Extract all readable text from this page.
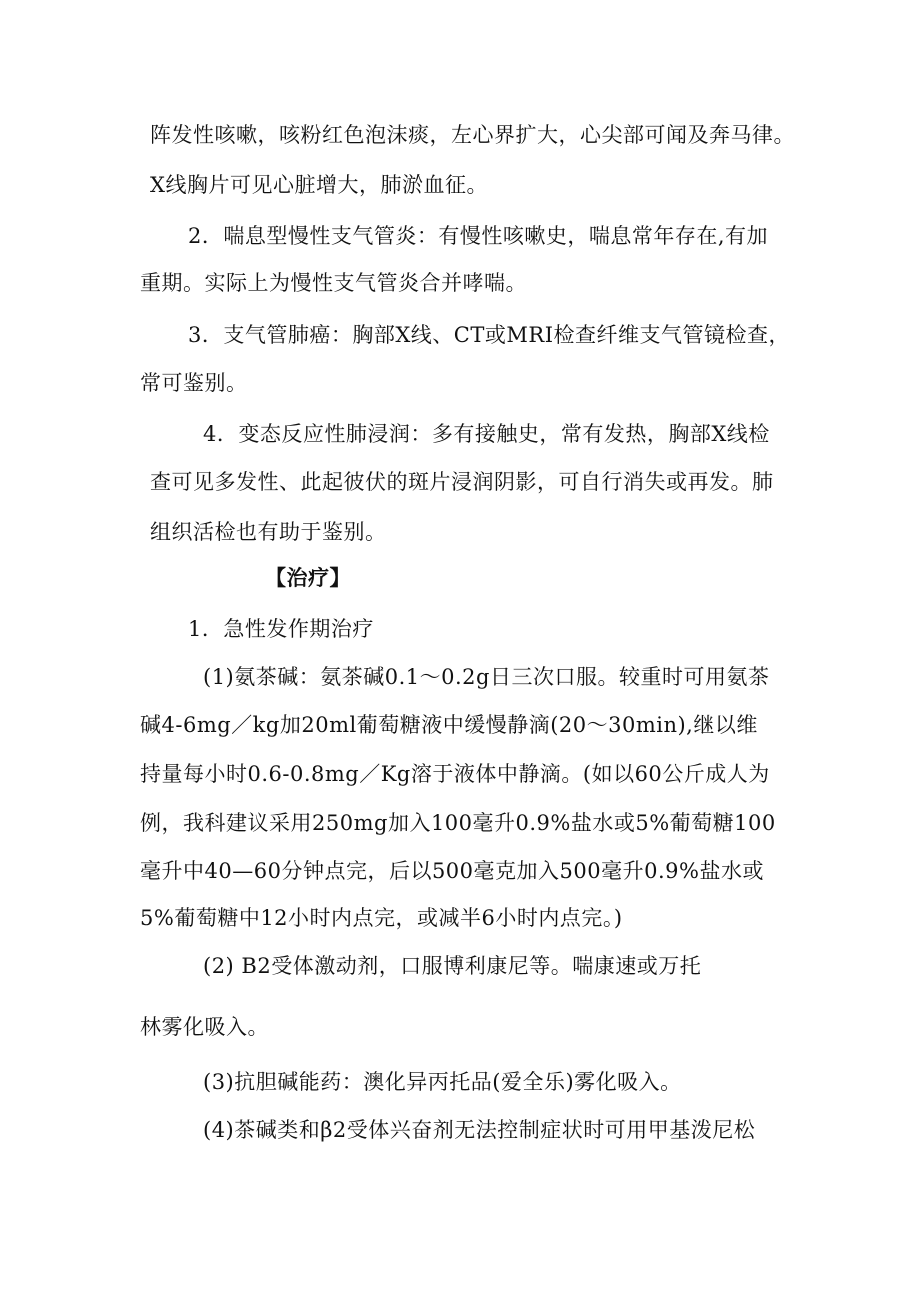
阵发性咳嗽，咳粉红色泡沫痰，左心界扩大，心尖部可闻及奔马律。
X线胸片可见心脏增大，肺淤血征。
2．喘息型慢性支气管炎：有慢性咳嗽史，喘息常年存在,有加
重期。实际上为慢性支气管炎合并哮喘。
3．支气管肺癌：胸部X线、CT或MRI检查纤维支气管镜检查，
常可鉴别。
4．变态反应性肺浸润：多有接触史，常有发热，胸部X线检
查可见多发性、此起彼伏的斑片浸润阴影，可自行消失或再发。肺
组织活检也有助于鉴别。
【治疗】
1．急性发作期治疗
(1)氨茶碱：氨茶碱0.1～0.2g日三次口服。较重时可用氨茶
碱4-6mg／kg加20ml葡萄糖液中缓慢静滴(20～30min),继以维
持量每小时0.6-0.8mg／Kg溶于液体中静滴。(如以60公斤成人为
例，我科建议采用250mg加入100毫升0.9%盐水或5%葡萄糖100
毫升中40—60分钟点完，后以500毫克加入500毫升0.9%盐水或
5%葡萄糖中12小时内点完，或减半6小时内点完。)
(2) B2受体激动剂，口服博利康尼等。喘康速或万托
林雾化吸入。
(3)抗胆碱能药：澳化异丙托品(爱全乐)雾化吸入。
(4)茶碱类和β2受体兴奋剂无法控制症状时可用甲基泼尼松
